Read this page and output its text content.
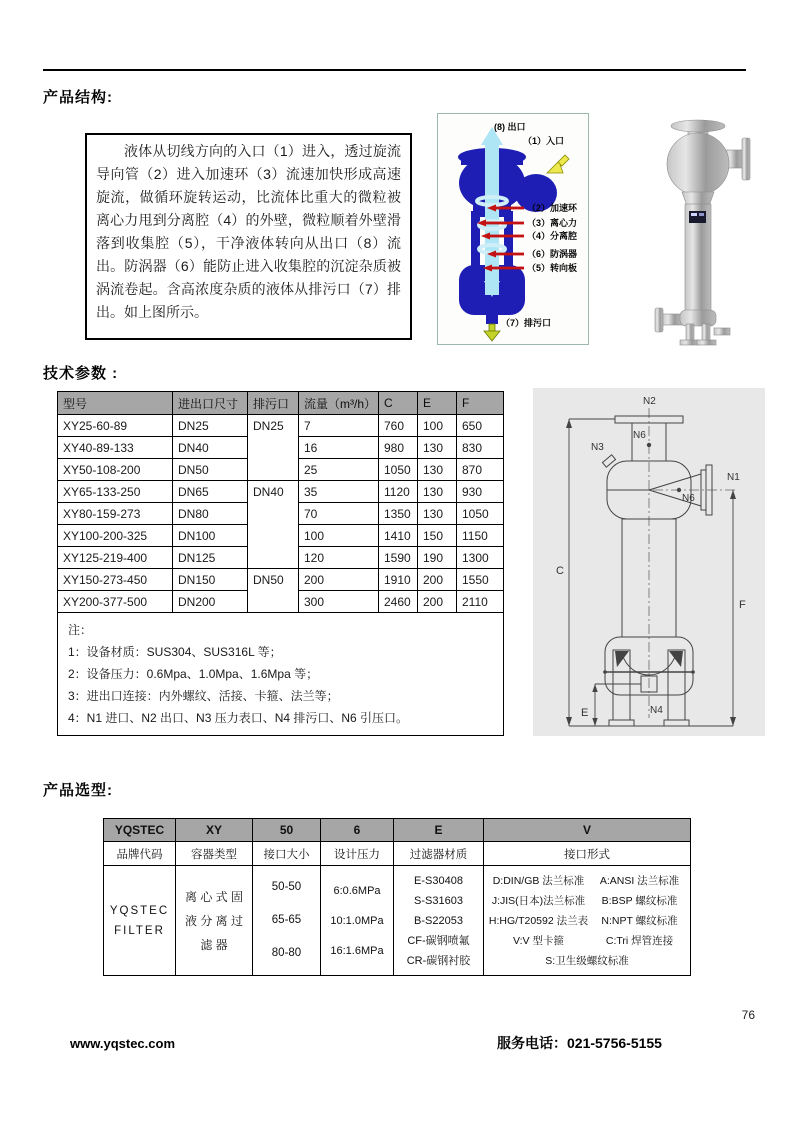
产品结构:

液体从切线方向的入口（1）进入，透过旋流导向管（2）进入加速环（3）流速加快形成高速旋流，做循环旋转运动，比流体比重大的微粒被离心力甩到分离腔（4）的外壁，微粒顺着外壁滑落到收集腔（5），干净液体转向从出口（8）流出。防涡器（6）能防止进入收集腔的沉淀杂质被涡流卷起。含高浓度杂质的液体从排污口（7）排出。如上图所示。

(8) 出口
（1）入口
（2）加速环
（3）离心力
（4）分离腔
（6）防涡器
（5）转向板
（7）排污口
技术参数 :
型号	进出口尺寸	排污口	流量（m³/h）	C	E	F
XY25-60-89	DN25	DN25	7	760	100	650
XY40-89-133	DN40		16	980	130	830
XY50-108-200	DN50		25	1050	130	870
XY65-133-250	DN65	DN40	35	1120	130	930
XY80-159-273	DN80		70	1350	130	1050
XY100-200-325	DN100		100	1410	150	1150
XY125-219-400	DN125		120	1590	190	1300
XY150-273-450	DN150	DN50	200	1910	200	1550
XY200-377-500	DN200		300	2460	200	2110

注：
1：设备材质：SUS304、SUS316L 等；
2：设备压力：0.6Mpa、1.0Mpa、1.6Mpa 等；
3：进出口连接：内外螺纹、活接、卡箍、法兰等；
4：N1 进口、N2 出口、N3 压力表口、N4 排污口、N6 引压口。						
N2
N6
N3
N1
N6
N4
C
F
E
产品选型:
YQSTEC	XY	50	6	E	V
品牌代码	容器类型	接口大小	设计压力	过滤器材质	接口形式

YQSTEC
FILTER

离 心 式 固
液 分 离 过
滤 器

50-50
65-65
80-80

6:0.6MPa
10:1.0MPa
16:1.6MPa

E-S30408
S-S31603
B-S22053
CF-碳钢喷氟
CR-碳钢衬胶

D:DIN/GB 法兰标准	A:ANSI 法兰标准
J:JIS(日本)法兰标准	B:BSP 螺纹标准
H:HG/T20592 法兰表	N:NPT 螺纹标准
V:V 型卡箍	C:Tri 焊管连接
S:卫生级螺纹标准
76
www.yqstec.com	服务电话：021-5756-5155
